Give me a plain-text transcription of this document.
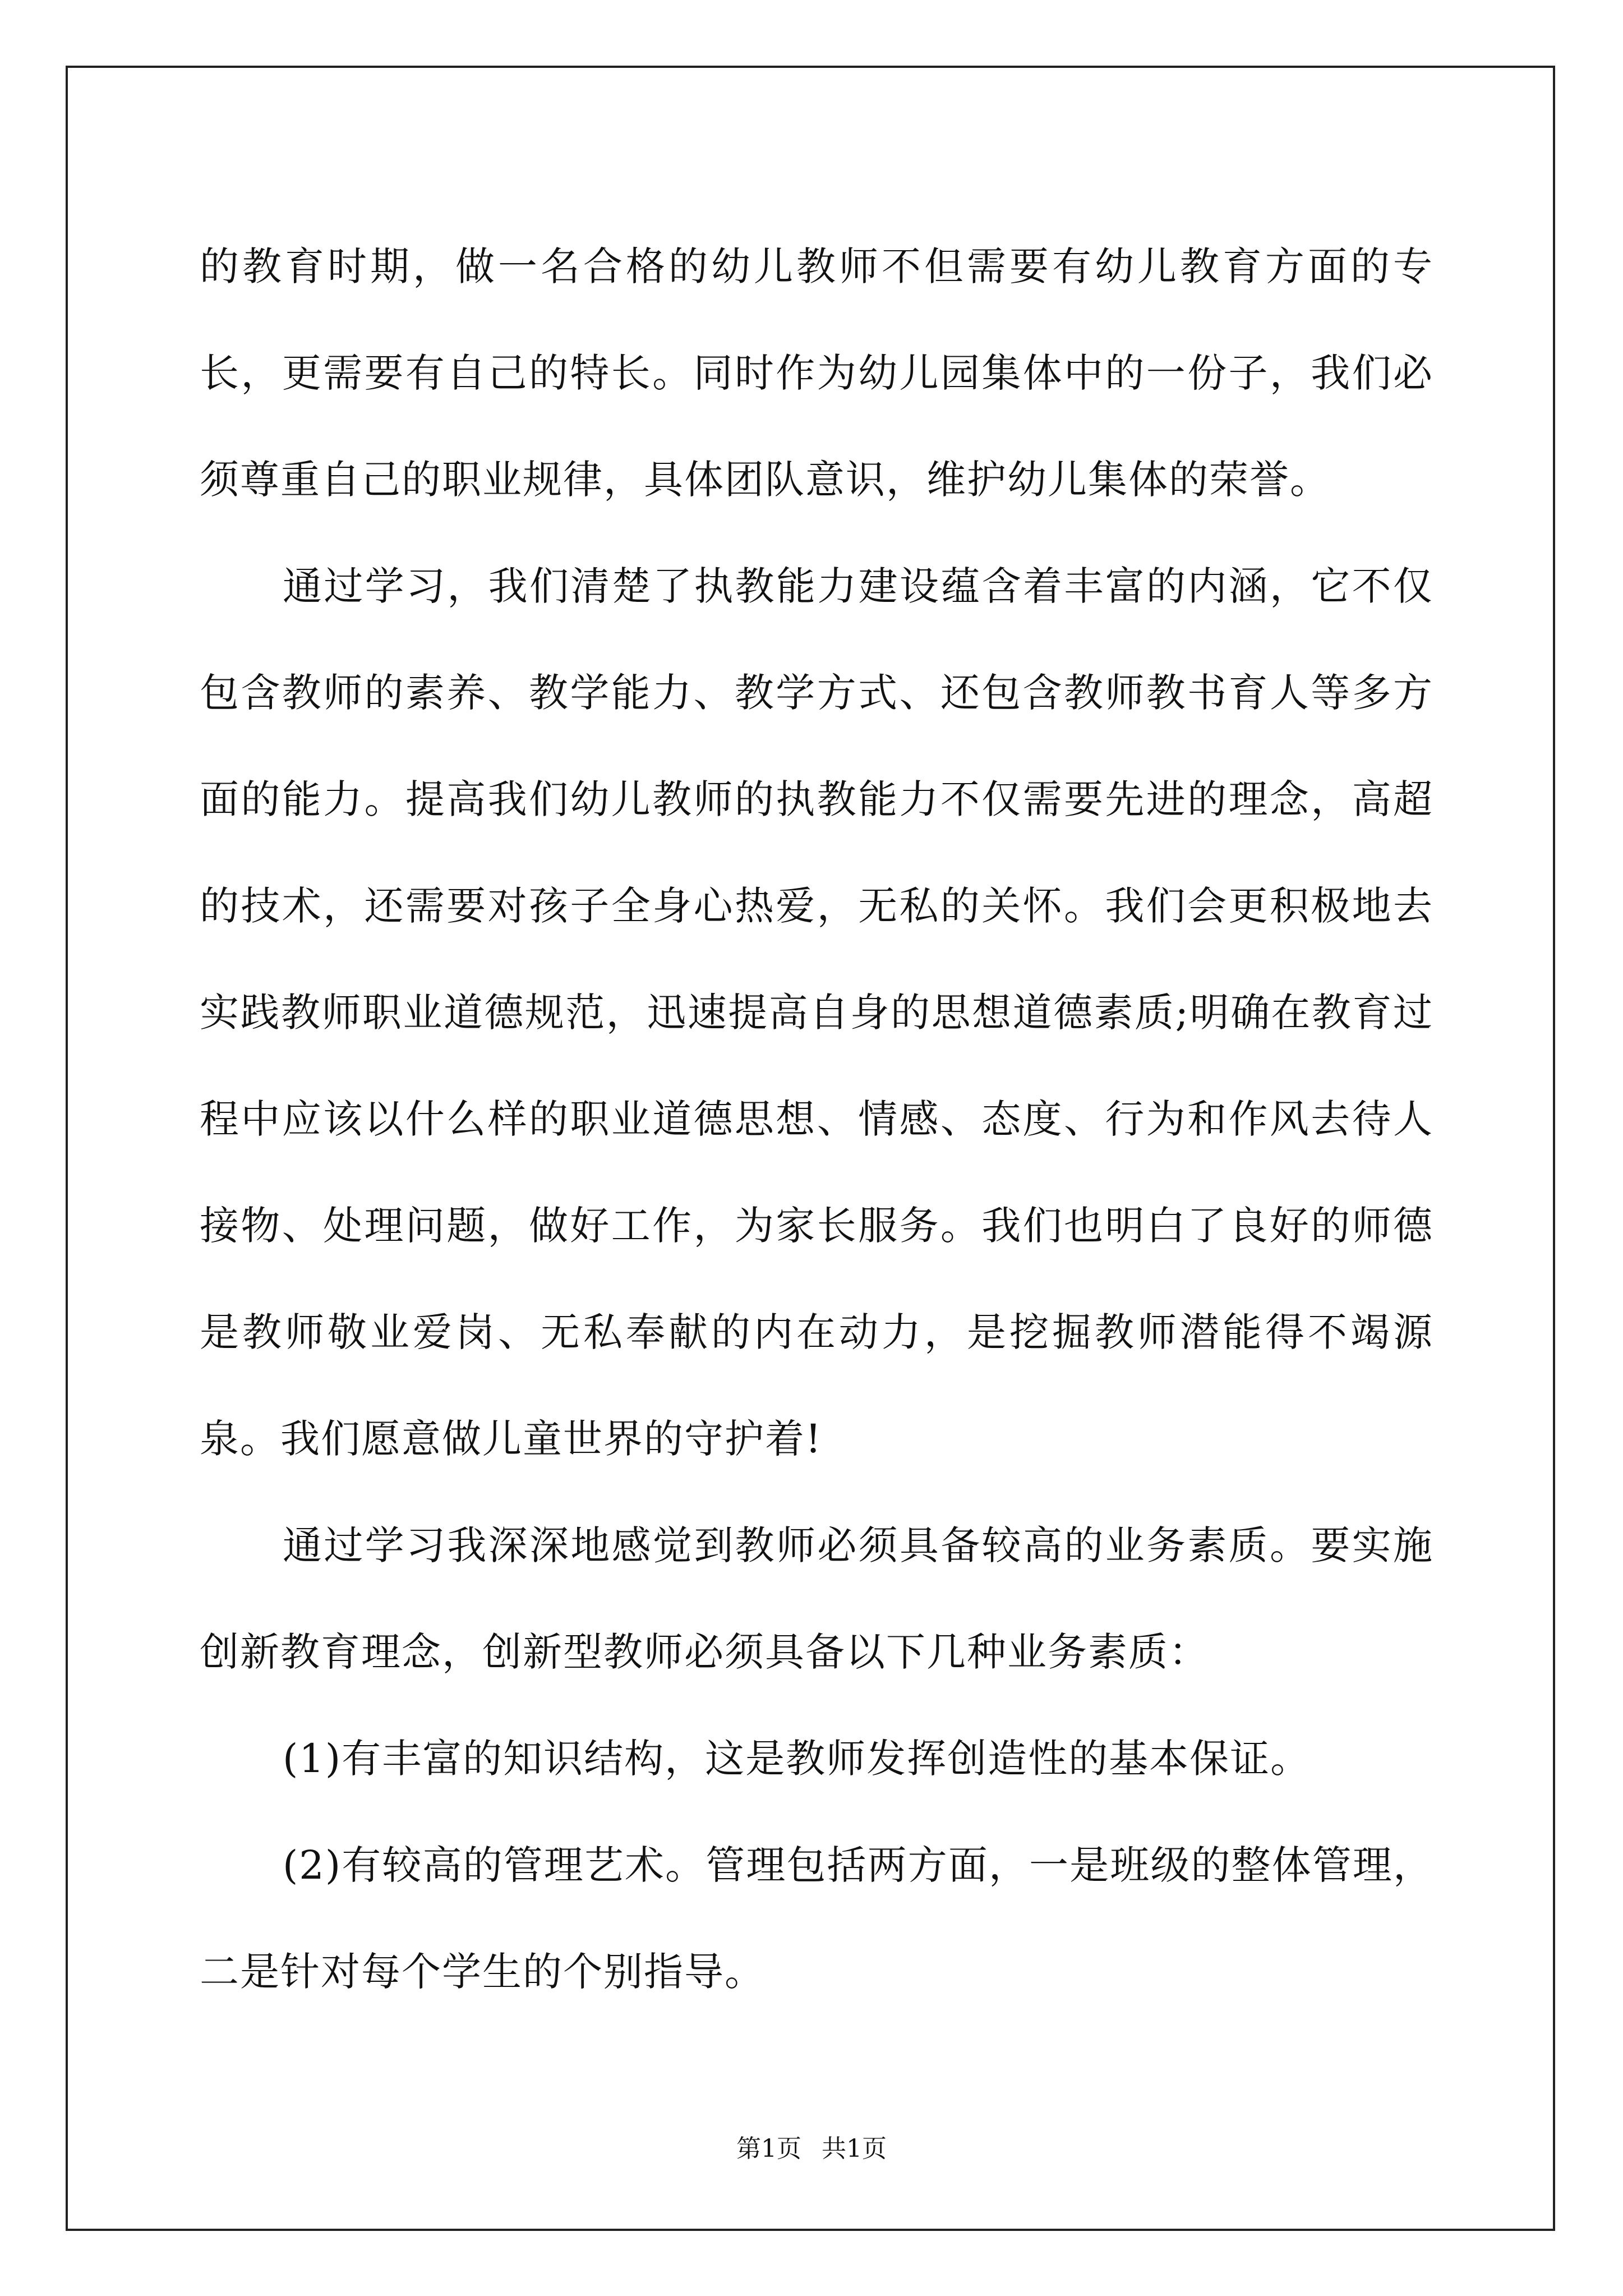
的教育时期，做一名合格的幼儿教师不但需要有幼儿教育方面的专长，更需要有自己的特长。同时作为幼儿园集体中的一份子，我们必须尊重自己的职业规律，具体团队意识，维护幼儿集体的荣誉。

通过学习，我们清楚了执教能力建设蕴含着丰富的内涵，它不仅包含教师的素养、教学能力、教学方式、还包含教师教书育人等多方面的能力。提高我们幼儿教师的执教能力不仅需要先进的理念，高超的技术，还需要对孩子全身心热爱，无私的关怀。我们会更积极地去实践教师职业道德规范，迅速提高自身的思想道德素质;明确在教育过程中应该以什么样的职业道德思想、情感、态度、行为和作风去待人接物、处理问题，做好工作，为家长服务。我们也明白了良好的师德是教师敬业爱岗、无私奉献的内在动力，是挖掘教师潜能得不竭源泉。我们愿意做儿童世界的守护着!

通过学习我深深地感觉到教师必须具备较高的业务素质。要实施创新教育理念，创新型教师必须具备以下几种业务素质：

(1)有丰富的知识结构，这是教师发挥创造性的基本保证。

(2)有较高的管理艺术。管理包括两方面，一是班级的整体管理，二是针对每个学生的个别指导。

第1页 共1页
